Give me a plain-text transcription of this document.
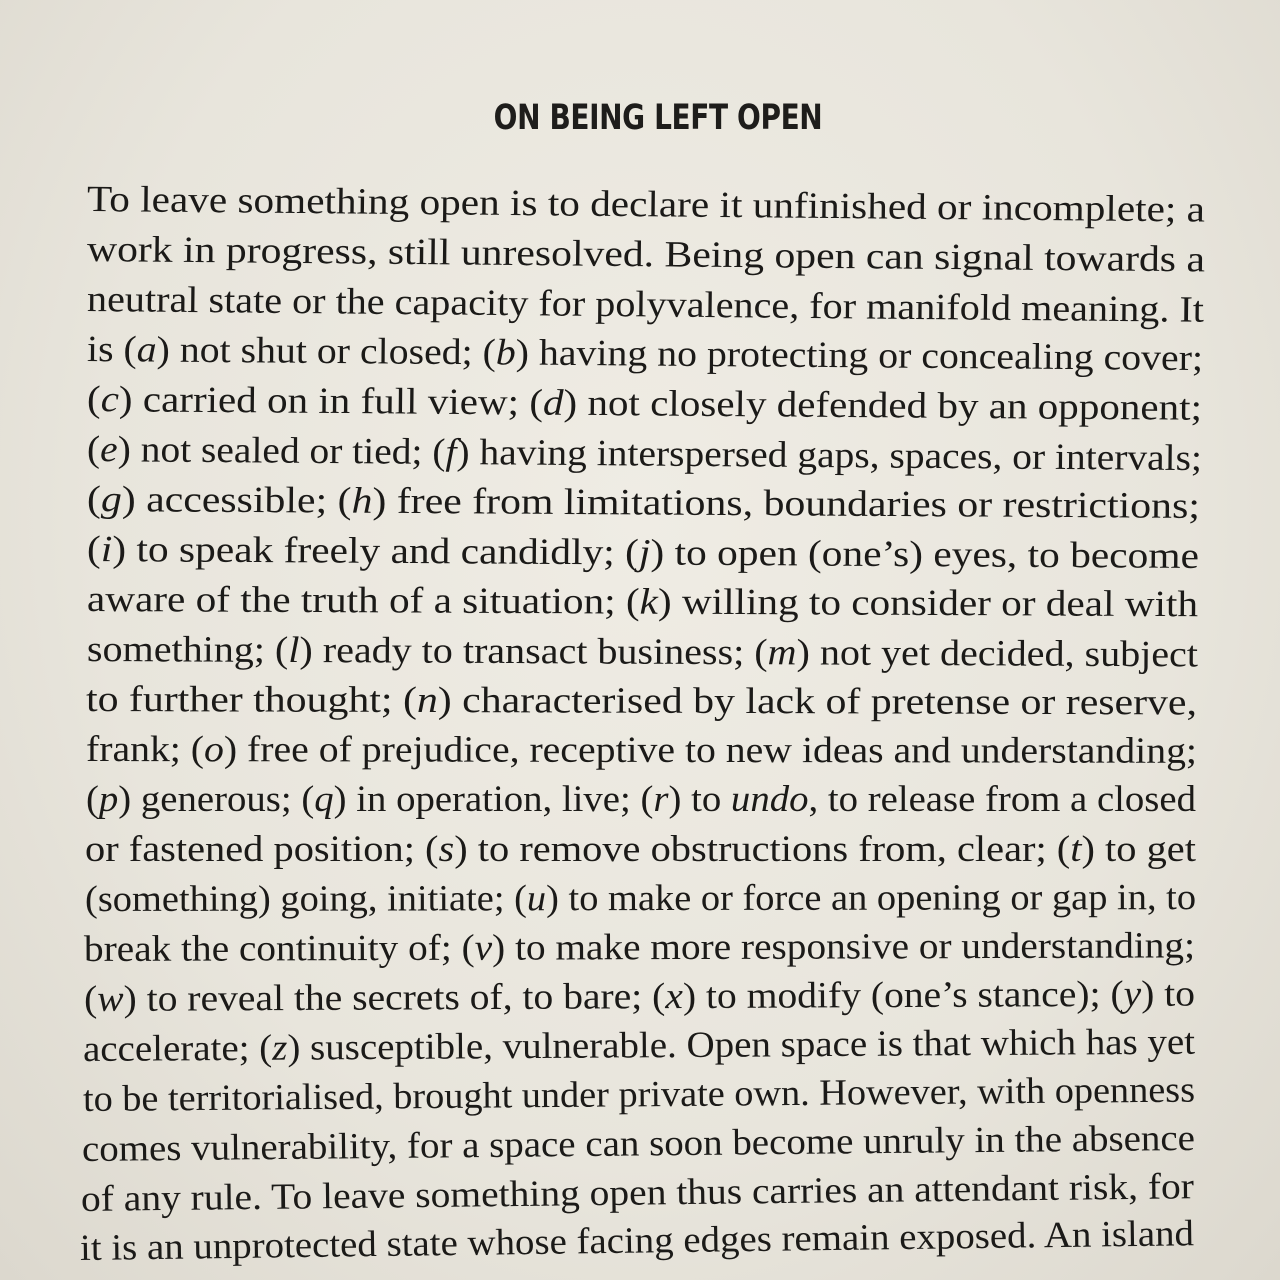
ON BEING LEFT OPEN
To leave something open is to declare it unfinished or incomplete; a
work in progress, still unresolved. Being open can signal towards a
neutral state or the capacity for polyvalence, for manifold meaning. It
is (a) not shut or closed; (b) having no protecting or concealing cover;
(c) carried on in full view; (d) not closely defended by an opponent;
(e) not sealed or tied; (f) having interspersed gaps, spaces, or intervals;
(g) accessible; (h) free from limitations, boundaries or restrictions;
(i) to speak freely and candidly; (j) to open (one’s) eyes, to become
aware of the truth of a situation; (k) willing to consider or deal with
something; (l) ready to transact business; (m) not yet decided, subject
to further thought; (n) characterised by lack of pretense or reserve,
frank; (o) free of prejudice, receptive to new ideas and understanding;
(p) generous; (q) in operation, live; (r) to undo, to release from a closed
or fastened position; (s) to remove obstructions from, clear; (t) to get
(something) going, initiate; (u) to make or force an opening or gap in, to
break the continuity of; (v) to make more responsive or understanding;
(w) to reveal the secrets of, to bare; (x) to modify (one’s stance); (y) to
accelerate; (z) susceptible, vulnerable. Open space is that which has yet
to be territorialised, brought under private own. However, with openness
comes vulnerability, for a space can soon become unruly in the absence
of any rule. To leave something open thus carries an attendant risk, for
it is an unprotected state whose facing edges remain exposed. An island
